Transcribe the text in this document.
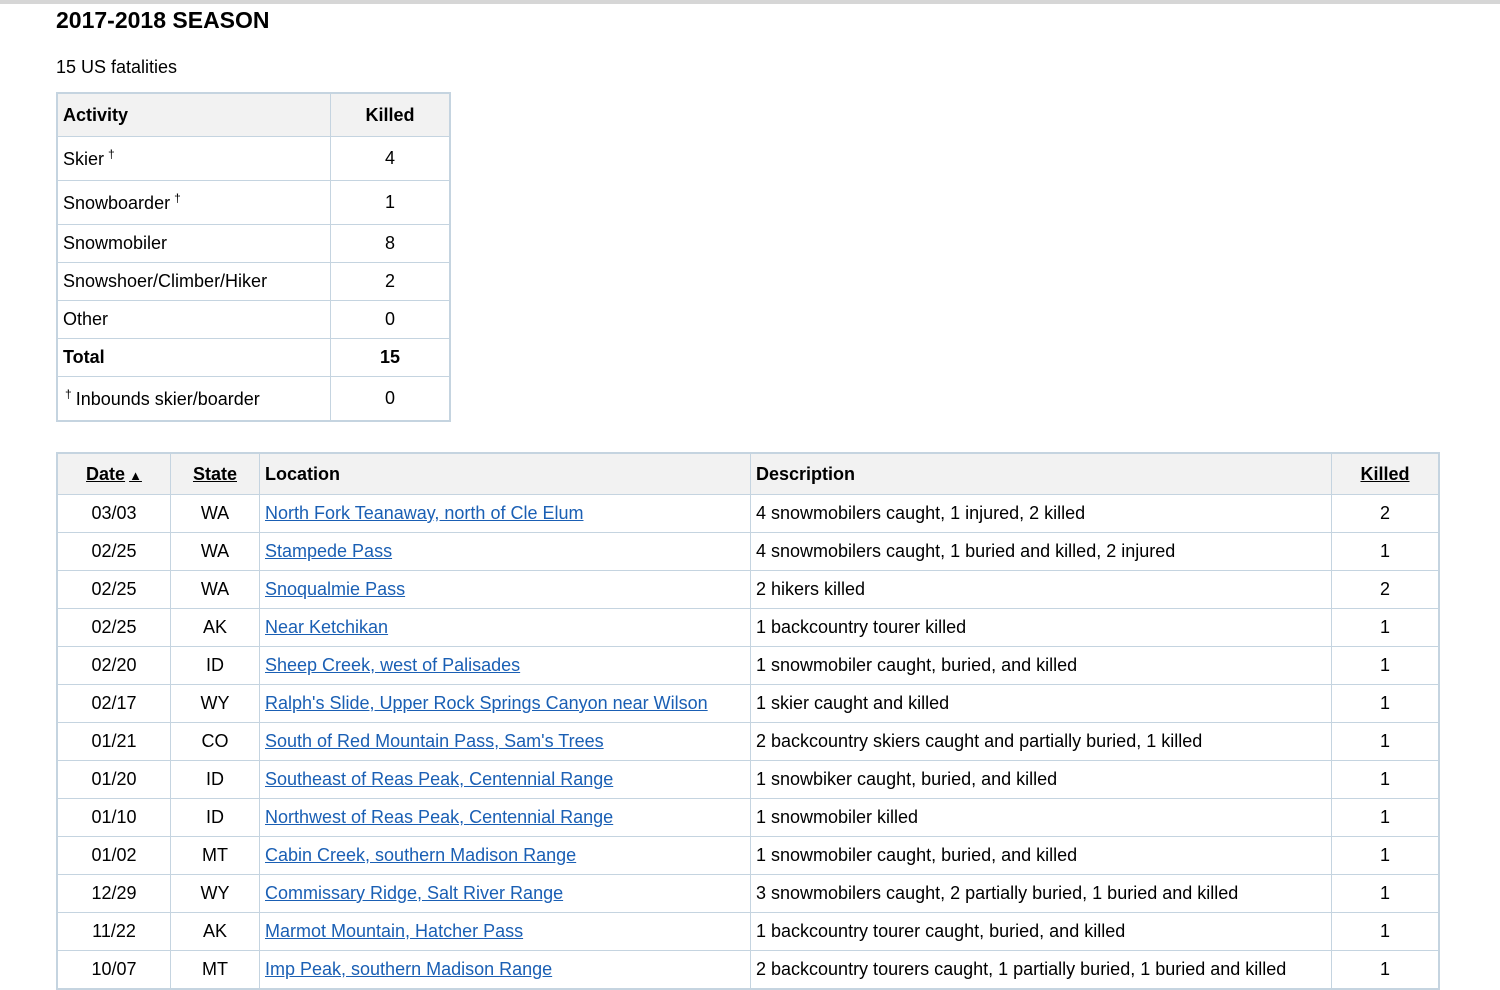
2017-2018 SEASON

15 US fatalities

Activity	Killed
Skier †	4
Snowboarder †	1
Snowmobiler	8
Snowshoer/Climber/Hiker	2
Other	0
Total	15
† Inbounds skier/boarder	0
Date ▲	State	Location	Description	Killed
03/03	WA	North Fork Teanaway, north of Cle Elum	4 snowmobilers caught, 1 injured, 2 killed	2
02/25	WA	Stampede Pass	4 snowmobilers caught, 1 buried and killed, 2 injured	1
02/25	WA	Snoqualmie Pass	2 hikers killed	2
02/25	AK	Near Ketchikan	1 backcountry tourer killed	1
02/20	ID	Sheep Creek, west of Palisades	1 snowmobiler caught, buried, and killed	1
02/17	WY	Ralph's Slide, Upper Rock Springs Canyon near Wilson	1 skier caught and killed	1
01/21	CO	South of Red Mountain Pass, Sam's Trees	2 backcountry skiers caught and partially buried, 1 killed	1
01/20	ID	Southeast of Reas Peak, Centennial Range	1 snowbiker caught, buried, and killed	1
01/10	ID	Northwest of Reas Peak, Centennial Range	1 snowmobiler killed	1
01/02	MT	Cabin Creek, southern Madison Range	1 snowmobiler caught, buried, and killed	1
12/29	WY	Commissary Ridge, Salt River Range	3 snowmobilers caught, 2 partially buried, 1 buried and killed	1
11/22	AK	Marmot Mountain, Hatcher Pass	1 backcountry tourer caught, buried, and killed	1
10/07	MT	Imp Peak, southern Madison Range	2 backcountry tourers caught, 1 partially buried, 1 buried and killed	1
